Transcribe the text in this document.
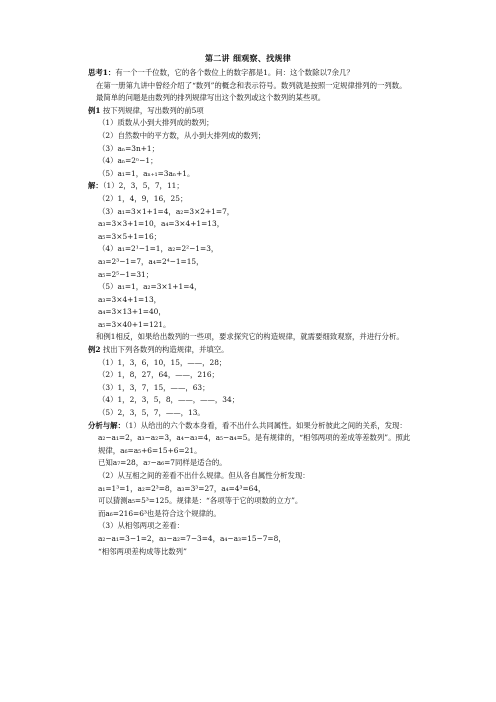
第二讲 细观察、找规律
思考1：有一个一千位数，它的各个数位上的数字都是1。问：这个数除以7余几？
在第一册第九讲中曾经介绍了“数列”的概念和表示符号。数列就是按照一定规律排列的一列数。
最简单的问题是由数列的排列规律写出这个数列或这个数列的某些项。
例1 按下列规律，写出数列的前5项
（1）质数从小到大排列成的数列；
（2）自然数中的平方数，从小到大排列成的数列；
（3）aₙ=3n+1；
（4）aₙ=2ⁿ−1；
（5）a₁=1，aₙ₊₁=3aₙ+1。
解：（1）2，3，5，7，11；
（2）1，4，9，16，25；
（3）a₁=3×1+1=4，a₂=3×2+1=7，
a₃=3×3+1=10，a₄=3×4+1=13，
a₅=3×5+1=16；
（4）a₁=2¹−1=1，a₂=2²−1=3，
a₃=2³−1=7，a₄=2⁴−1=15，
a₅=2⁵−1=31；
（5）a₁=1，a₂=3×1+1=4，
a₃=3×4+1=13，
a₄=3×13+1=40，
a₅=3×40+1=121。
和例1相反，如果给出数列的一些项，要求探究它的构造规律，就需要细致观察，并进行分析。
例2 找出下列各数列的构造规律，并填空。
（1）1，3，6，10，15，——，28；
（2）1，8，27，64，——，216；
（3）1，3，7，15，——，63；
（4）1，2，3，5，8，——，——，34；
（5）2，3，5，7，——，13。
分析与解：（1）从给出的六个数本身看，看不出什么共同属性。如果分析彼此之间的关系，发现：
a₂−a₁=2，a₃−a₂=3，a₄−a₃=4，a₅−a₄=5。是有规律的，“相邻两项的差成等差数列”。照此规律，a₆=a₅+6=15+6=21。
已知a₇=28，a₇−a₆=7同样是适合的。
（2）从互相之间的差看不出什么规律。但从各自属性分析发现：
a₁=1³=1，a₂=2³=8，a₃=3³=27，a₄=4³=64，
可以猜测a₅=5³=125。规律是：“各项等于它的项数的立方”。
而a₆=216=6³也是符合这个规律的。
（3）从相邻两项之差看：
a₂−a₁=3−1=2，a₃−a₂=7−3=4，a₄−a₃=15−7=8，
“相邻两项差构成等比数列”
